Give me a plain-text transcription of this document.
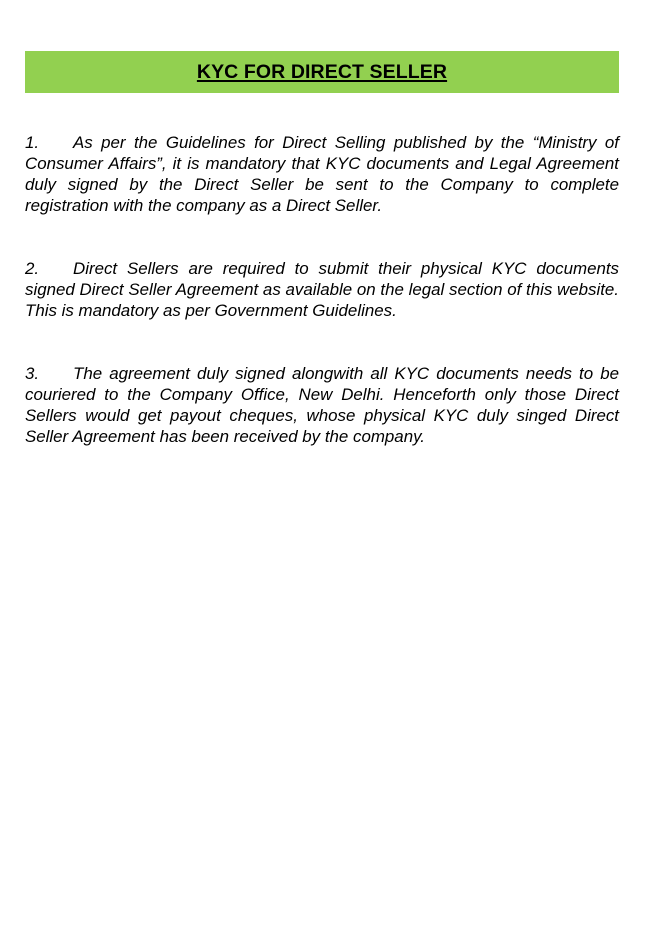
KYC FOR DIRECT SELLER

1. As per the Guidelines for Direct Selling published by the “Ministry of Consumer Affairs”, it is mandatory that KYC documents and Legal Agreement duly signed by the Direct Seller be sent to the Company to complete registration with the company as a Direct Seller.

2. Direct Sellers are required to submit their physical KYC documents signed Direct Seller Agreement as available on the legal section of this website. This is mandatory as per Government Guidelines.

3. The agreement duly signed alongwith all KYC documents needs to be couriered to the Company Office, New Delhi. Henceforth only those Direct Sellers would get payout cheques, whose physical KYC duly singed Direct Seller Agreement has been received by the company.
